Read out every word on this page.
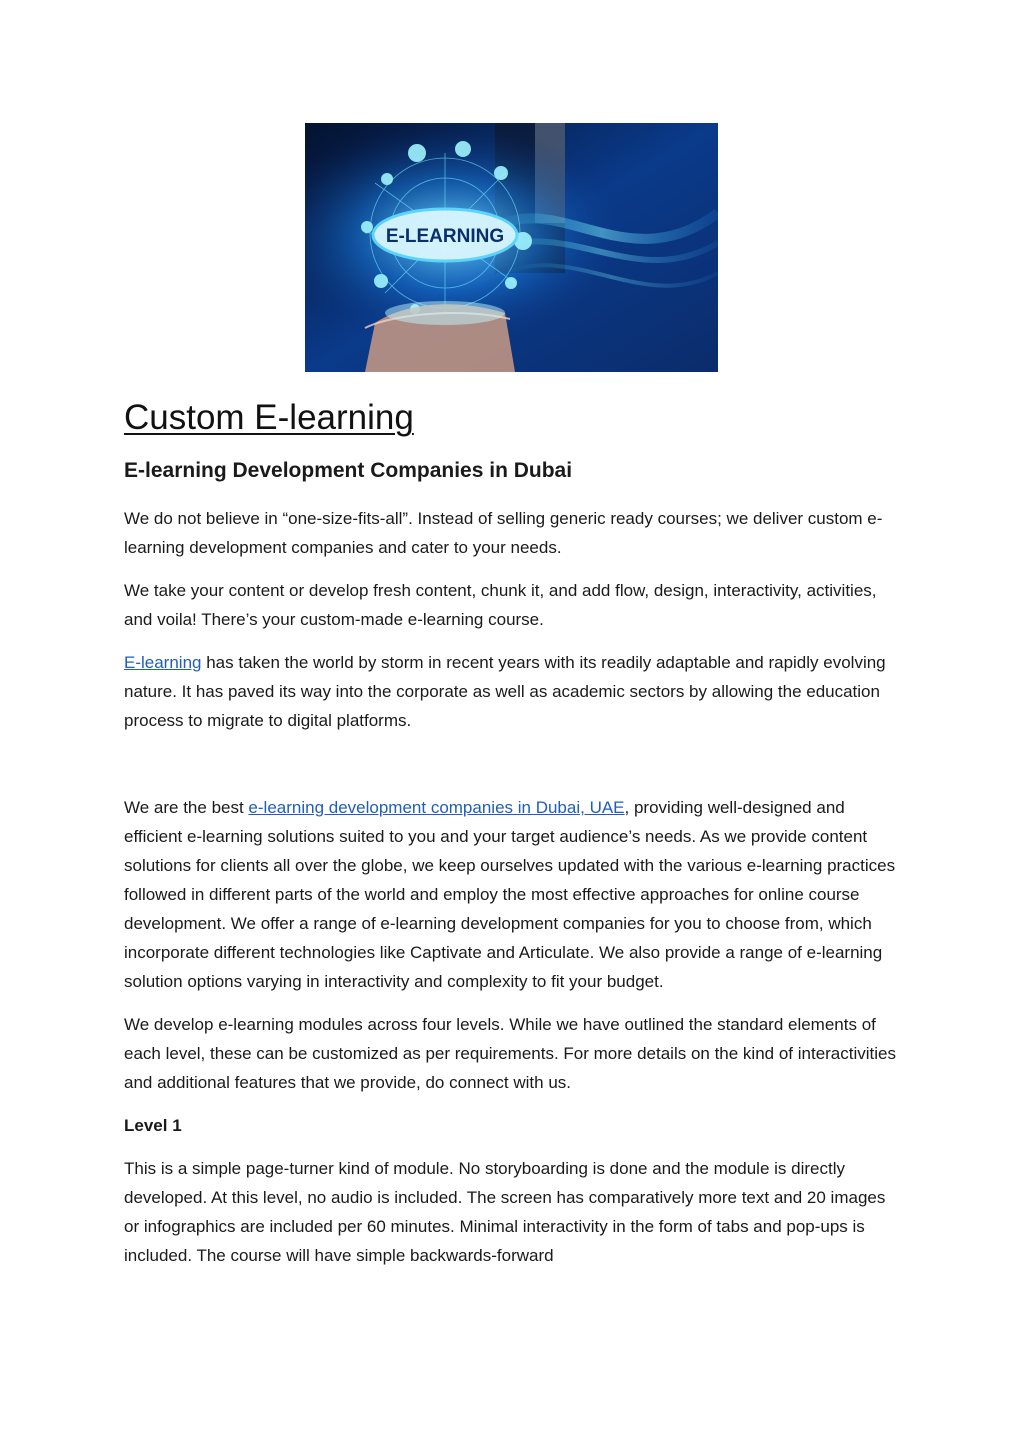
E-LEARNING
Custom E-learning
E-learning Development Companies in Dubai

We do not believe in “one-size-fits-all”. Instead of selling generic ready courses; we deliver custom e-learning development companies and cater to your needs.

We take your content or develop fresh content, chunk it, and add flow, design, interactivity, activities, and voila! There’s your custom-made e-learning course.

E-learning has taken the world by storm in recent years with its readily adaptable and rapidly evolving nature. It has paved its way into the corporate as well as academic sectors by allowing the education process to migrate to digital platforms.

We are the best e-learning development companies in Dubai, UAE, providing well-designed and efficient e-learning solutions suited to you and your target audience’s needs. As we provide content solutions for clients all over the globe, we keep ourselves updated with the various e-learning practices followed in different parts of the world and employ the most effective approaches for online course development. We offer a range of e-learning development companies for you to choose from, which incorporate different technologies like Captivate and Articulate. We also provide a range of e-learning solution options varying in interactivity and complexity to fit your budget.

We develop e-learning modules across four levels. While we have outlined the standard elements of each level, these can be customized as per requirements. For more details on the kind of interactivities and additional features that we provide, do connect with us.

Level 1

This is a simple page-turner kind of module. No storyboarding is done and the module is directly developed. At this level, no audio is included. The screen has comparatively more text and 20 images or infographics are included per 60 minutes. Minimal interactivity in the form of tabs and pop-ups is included. The course will have simple backwards-forward
